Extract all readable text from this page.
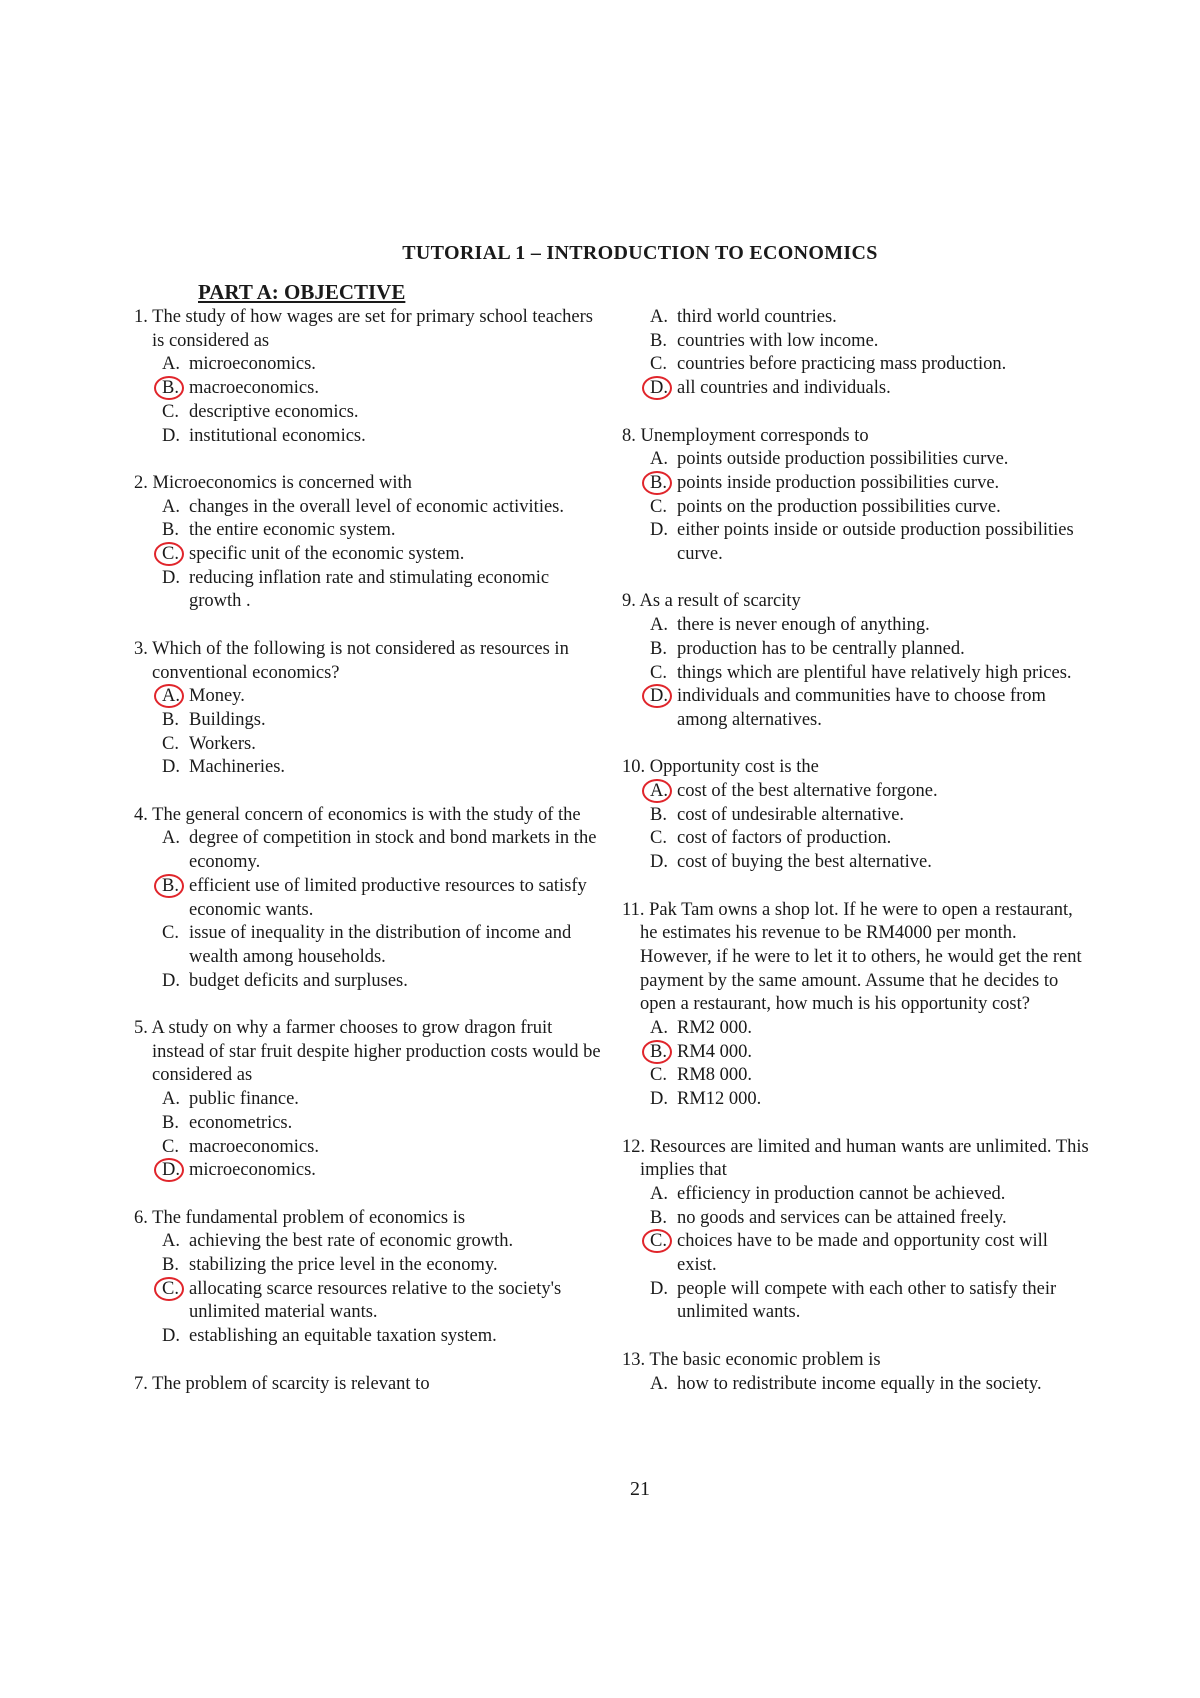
TUTORIAL 1 – INTRODUCTION TO ECONOMICS
PART A: OBJECTIVE
1. The study of how wages are set for primary school teachers is considered as
A. microeconomics.
B. macroeconomics.
C. descriptive economics.
D. institutional economics.
2. Microeconomics is concerned with
A. changes in the overall level of economic activities.
B. the entire economic system.
C. specific unit of the economic system.
D. reducing inflation rate and stimulating economic growth .
3. Which of the following is not considered as resources in conventional economics?
A. Money.
B. Buildings.
C. Workers.
D. Machineries.
4. The general concern of economics is with the study of the
A. degree of competition in stock and bond markets in the economy.
B. efficient use of limited productive resources to satisfy economic wants.
C. issue of inequality in the distribution of income and wealth among households.
D. budget deficits and surpluses.
5. A study on why a farmer chooses to grow dragon fruit instead of star fruit despite higher production costs would be considered as
A. public finance.
B. econometrics.
C. macroeconomics.
D. microeconomics.
6. The fundamental problem of economics is
A. achieving the best rate of economic growth.
B. stabilizing the price level in the economy.
C. allocating scarce resources relative to the society's unlimited material wants.
D. establishing an equitable taxation system.
7. The problem of scarcity is relevant to
A. third world countries.
B. countries with low income.
C. countries before practicing mass production.
D. all countries and individuals.
8. Unemployment corresponds to
A. points outside production possibilities curve.
B. points inside production possibilities curve.
C. points on the production possibilities curve.
D. either points inside or outside production possibilities curve.
9. As a result of scarcity
A. there is never enough of anything.
B. production has to be centrally planned.
C. things which are plentiful have relatively high prices.
D. individuals and communities have to choose from among alternatives.
10. Opportunity cost is the
A. cost of the best alternative forgone.
B. cost of undesirable alternative.
C. cost of factors of production.
D. cost of buying the best alternative.
11. Pak Tam owns a shop lot. If he were to open a restaurant, he estimates his revenue to be RM4000 per month. However, if he were to let it to others, he would get the rent payment by the same amount. Assume that he decides to open a restaurant, how much is his opportunity cost?
A. RM2 000.
B. RM4 000.
C. RM8 000.
D. RM12 000.
12. Resources are limited and human wants are unlimited. This implies that
A. efficiency in production cannot be achieved.
B. no goods and services can be attained freely.
C. choices have to be made and opportunity cost will exist.
D. people will compete with each other to satisfy their unlimited wants.
13. The basic economic problem is
A. how to redistribute income equally in the society.
21
